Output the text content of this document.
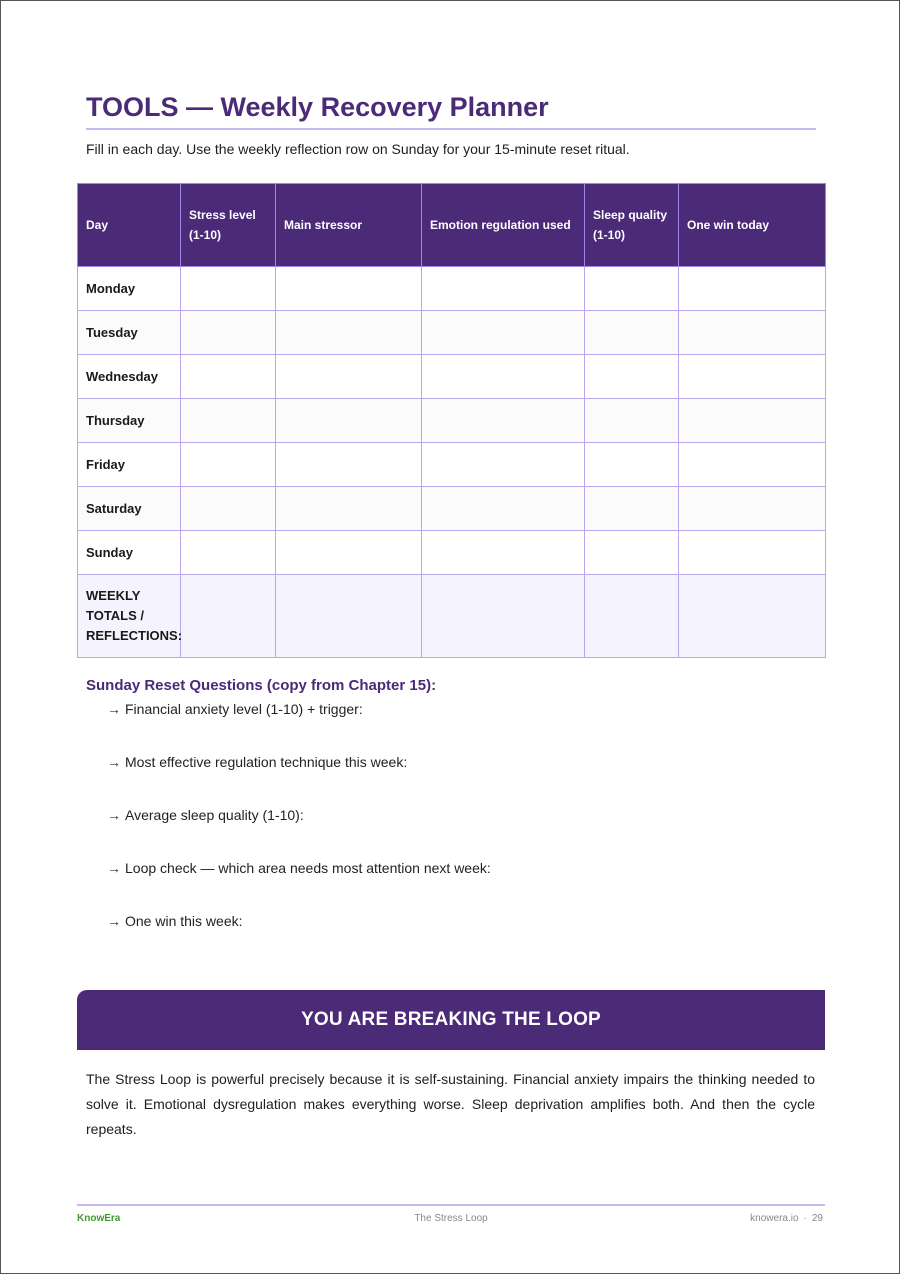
TOOLS — Weekly Recovery Planner
Fill in each day. Use the weekly reflection row on Sunday for your 15-minute reset ritual.
Day	Stress level (1-10)	Main stressor	Emotion regulation used	Sleep quality (1-10)	One win today
Monday					
Tuesday					
Wednesday					
Thursday					
Friday					
Saturday					
Sunday					
WEEKLY TOTALS / REFLECTIONS:					
Sunday Reset Questions (copy from Chapter 15):
→ Financial anxiety level (1-10) + trigger:
→ Most effective regulation technique this week:
→ Average sleep quality (1-10):
→ Loop check — which area needs most attention next week:
→ One win this week:
YOU ARE BREAKING THE LOOP

The Stress Loop is powerful precisely because it is self-sustaining. Financial anxiety impairs the thinking needed to solve it. Emotional dysregulation makes everything worse. Sleep deprivation amplifies both. And then the cycle repeats.

KnowEra	The Stress Loop	knowera.io · 29
